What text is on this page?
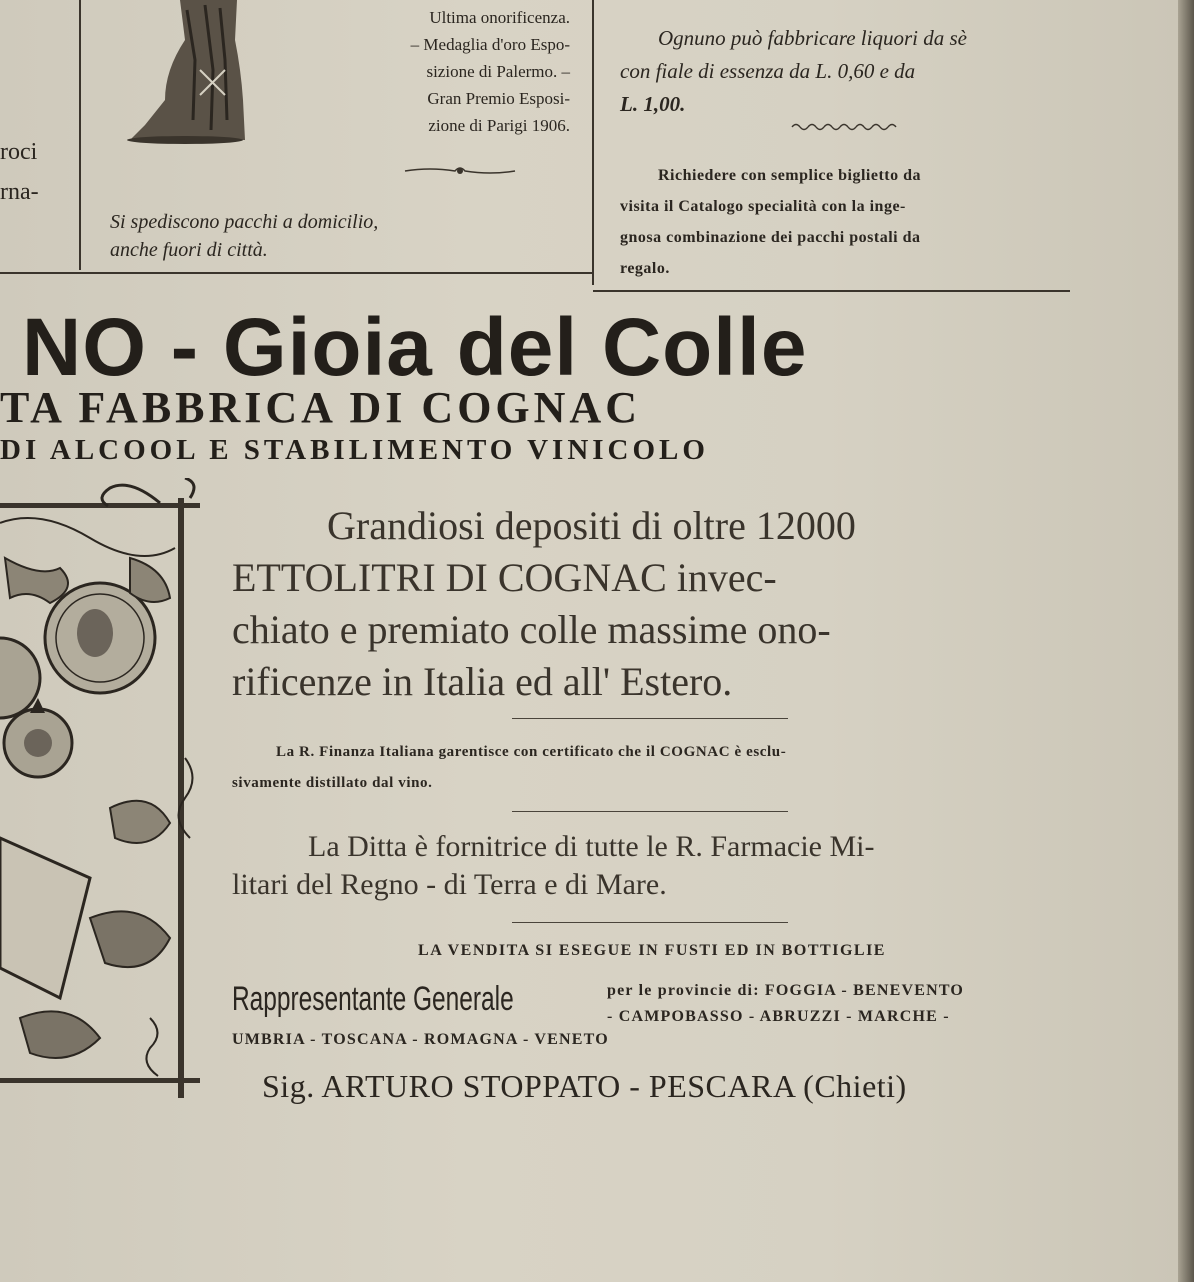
Ultima onorificenza.
– Medaglia d'oro Espo-
sizione di Palermo. –
Gran Premio Esposi-
zione di Parigi 1906.
roci
rna-
Si spediscono pacchi a domicilio,
anche fuori di città.
Ognuno può fabbricare liquori da sè
con fiale di essenza da L. 0,60 e da
L. 1,00.
Richiedere con semplice biglietto da
visita il Catalogo specialità con la inge-
gnosa combinazione dei pacchi postali da
regalo.
NO - Gioia del Colle
TA FABBRICA DI COGNAC
DI ALCOOL E STABILIMENTO VINICOLO
Grandiosi depositi di oltre 12000
ETTOLITRI DI COGNAC invec-
chiato e premiato colle massime ono-
rificenze in Italia ed all' Estero.
La R. Finanza Italiana garentisce con certificato che il COGNAC è esclu-
sivamente distillato dal vino.
La Ditta è fornitrice di tutte le R. Farmacie Mi-
litari del Regno - di Terra e di Mare.
LA VENDITA SI ESEGUE IN FUSTI ED IN BOTTIGLIE
Rappresentante Generale	per le provincie di: FOGGIA - BENEVENTO
- CAMPOBASSO - ABRUZZI - MARCHE -
UMBRIA - TOSCANA - ROMAGNA - VENETO
Sig. ARTURO STOPPATO - PESCARA (Chieti)
